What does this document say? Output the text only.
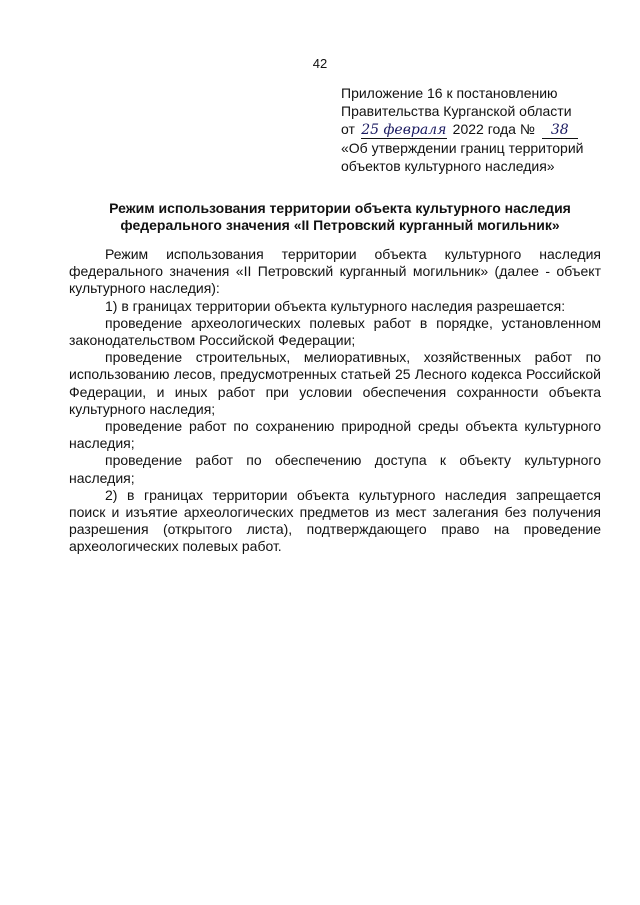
42
Приложение 16 к постановлению
Правительства Курганской области
от 25 февраля 2022 года № 38
«Об утверждении границ территорий
объектов культурного наследия»
Режим использования территории объекта культурного наследия
федерального значения «II Петровский курганный могильник»

Режим использования территории объекта культурного наследия федерального значения «II Петровский курганный могильник» (далее - объект культурного наследия):

1) в границах территории объекта культурного наследия разрешается:

проведение археологических полевых работ в порядке, установленном законодательством Российской Федерации;

проведение строительных, мелиоративных, хозяйственных работ по использованию лесов, предусмотренных статьей 25 Лесного кодекса Российской Федерации, и иных работ при условии обеспечения сохранности объекта культурного наследия;

проведение работ по сохранению природной среды объекта культурного наследия;

проведение работ по обеспечению доступа к объекту культурного наследия;

2) в границах территории объекта культурного наследия запрещается поиск и изъятие археологических предметов из мест залегания без получения разрешения (открытого листа), подтверждающего право на проведение археологических полевых работ.
